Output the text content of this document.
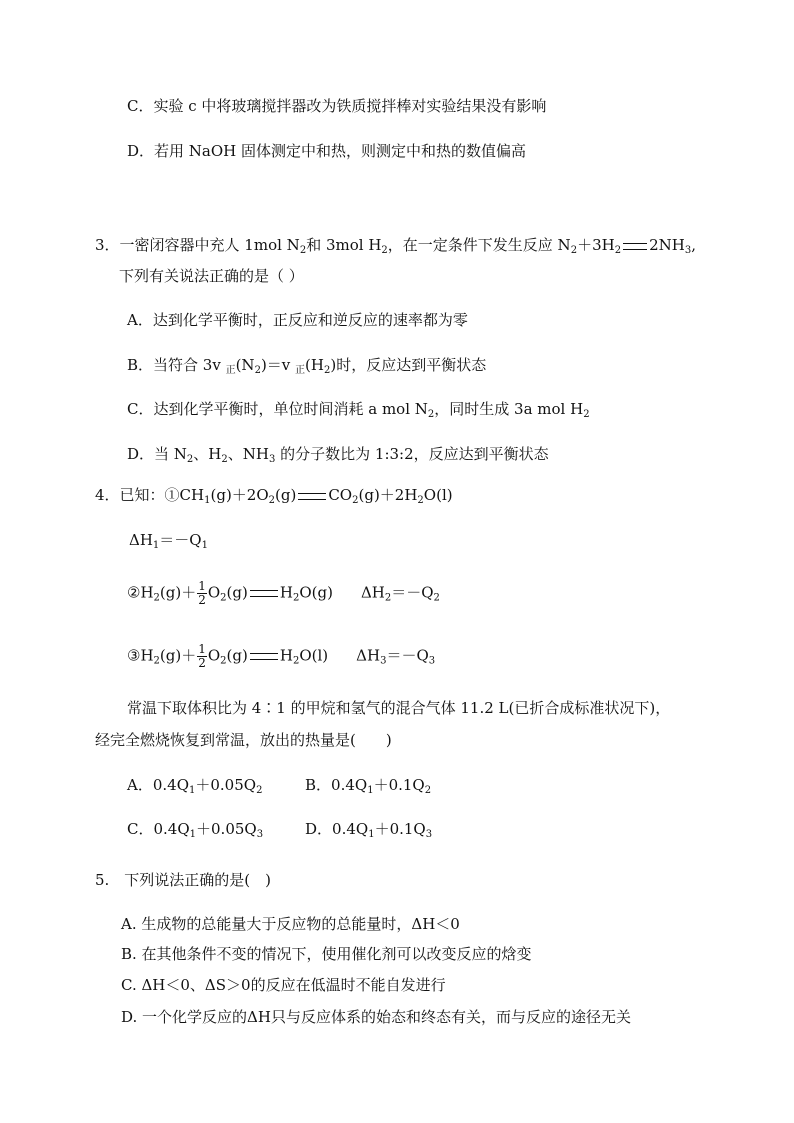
C．实验 c 中将玻璃搅拌器改为铁质搅拌棒对实验结果没有影响
D．若用 NaOH 固体测定中和热，则测定中和热的数值偏高
3．一密闭容器中充人 1mol $N_2$和 3mol $H_2$，在一定条件下发生反应 $N_2+3H_2$ $2NH_3$,
下列有关说法正确的是（ ）
A．达到化学平衡时，正反应和逆反应的速率都为零
B．当符合 3v $_正(N_2)=v$ $_正(H_2)$时，反应达到平衡状态
C．达到化学平衡时，单位时间消耗 a mol $N_2$，同时生成 3a mol $H_2$
D．当 $N_2$、$H_2$、$NH_3$ 的分子数比为 1:3:2，反应达到平衡状态
4．已知：$①CH_1(g)+2O_2(g)$ $CO_2(g)+2H_2O(l)$
$\Delta H_1=-Q_1$
$②H_2(g)+ \frac{1}{2} O_2(g)$ $H_2O(g)$ $\Delta H_2=-Q_2$
$③H_2(g)+ \frac{1}{2} O_2(g)$ $H_2O(l)$ $\Delta H_3=-Q_3$
常温下取体积比为 4∶1 的甲烷和氢气的混合气体 11.2 L(已折合成标准状况下)，
经完全燃烧恢复到常温，放出的热量是(　　)
A．$0.4Q_1+0.05Q_2$	B．$0.4Q_1+0.1Q_2$
C．$0.4Q_1+0.05Q_3$	D．$0.4Q_1+0.1Q_3$
5.　下列说法正确的是(　)
A. 生成物的总能量大于反应物的总能量时，ΔH＜0
B. 在其他条件不变的情况下，使用催化剂可以改变反应的焓变
C. ΔH＜0、ΔS＞0的反应在低温时不能自发进行
D. 一个化学反应的ΔH只与反应体系的始态和终态有关，而与反应的途径无关
